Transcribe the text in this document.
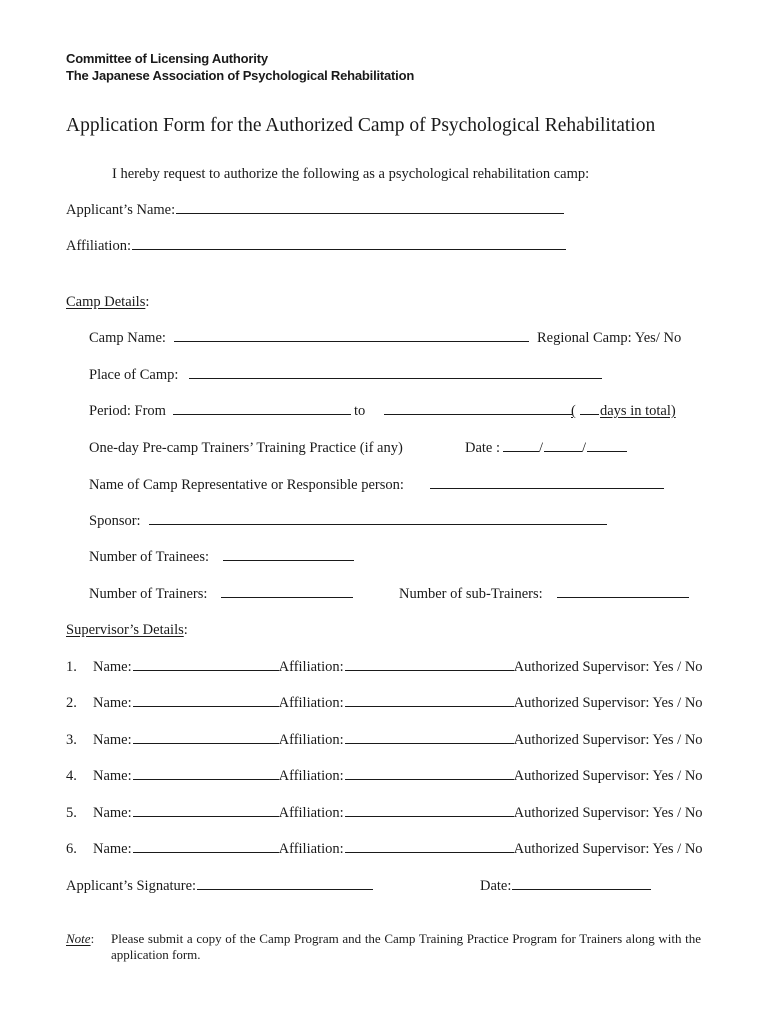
Committee of Licensing Authority
The Japanese Association of Psychological Rehabilitation
Application Form for the Authorized Camp of Psychological Rehabilitation
I hereby request to authorize the following as a psychological rehabilitation camp:
Applicant’s Name:
Affiliation:
Camp Details:
Camp Name:	Regional Camp: Yes/ No
Place of Camp:
Period: From	to	( days in total)
One-day Pre-camp Trainers’ Training Practice (if any)	Date :	/	/
Name of Camp Representative or Responsible person:
Sponsor:
Number of Trainees:
Number of Trainers:	Number of sub-Trainers:
Supervisor’s Details:
1. Name:	Affiliation:	Authorized Supervisor: Yes / No
2. Name:	Affiliation:	Authorized Supervisor: Yes / No
3. Name:	Affiliation:	Authorized Supervisor: Yes / No
4. Name:	Affiliation:	Authorized Supervisor: Yes / No
5. Name:	Affiliation:	Authorized Supervisor: Yes / No
6. Name:	Affiliation:	Authorized Supervisor: Yes / No
Applicant’s Signature:	Date:
Note: Please submit a copy of the Camp Program and the Camp Training Practice Program for Trainers along with the application form.
